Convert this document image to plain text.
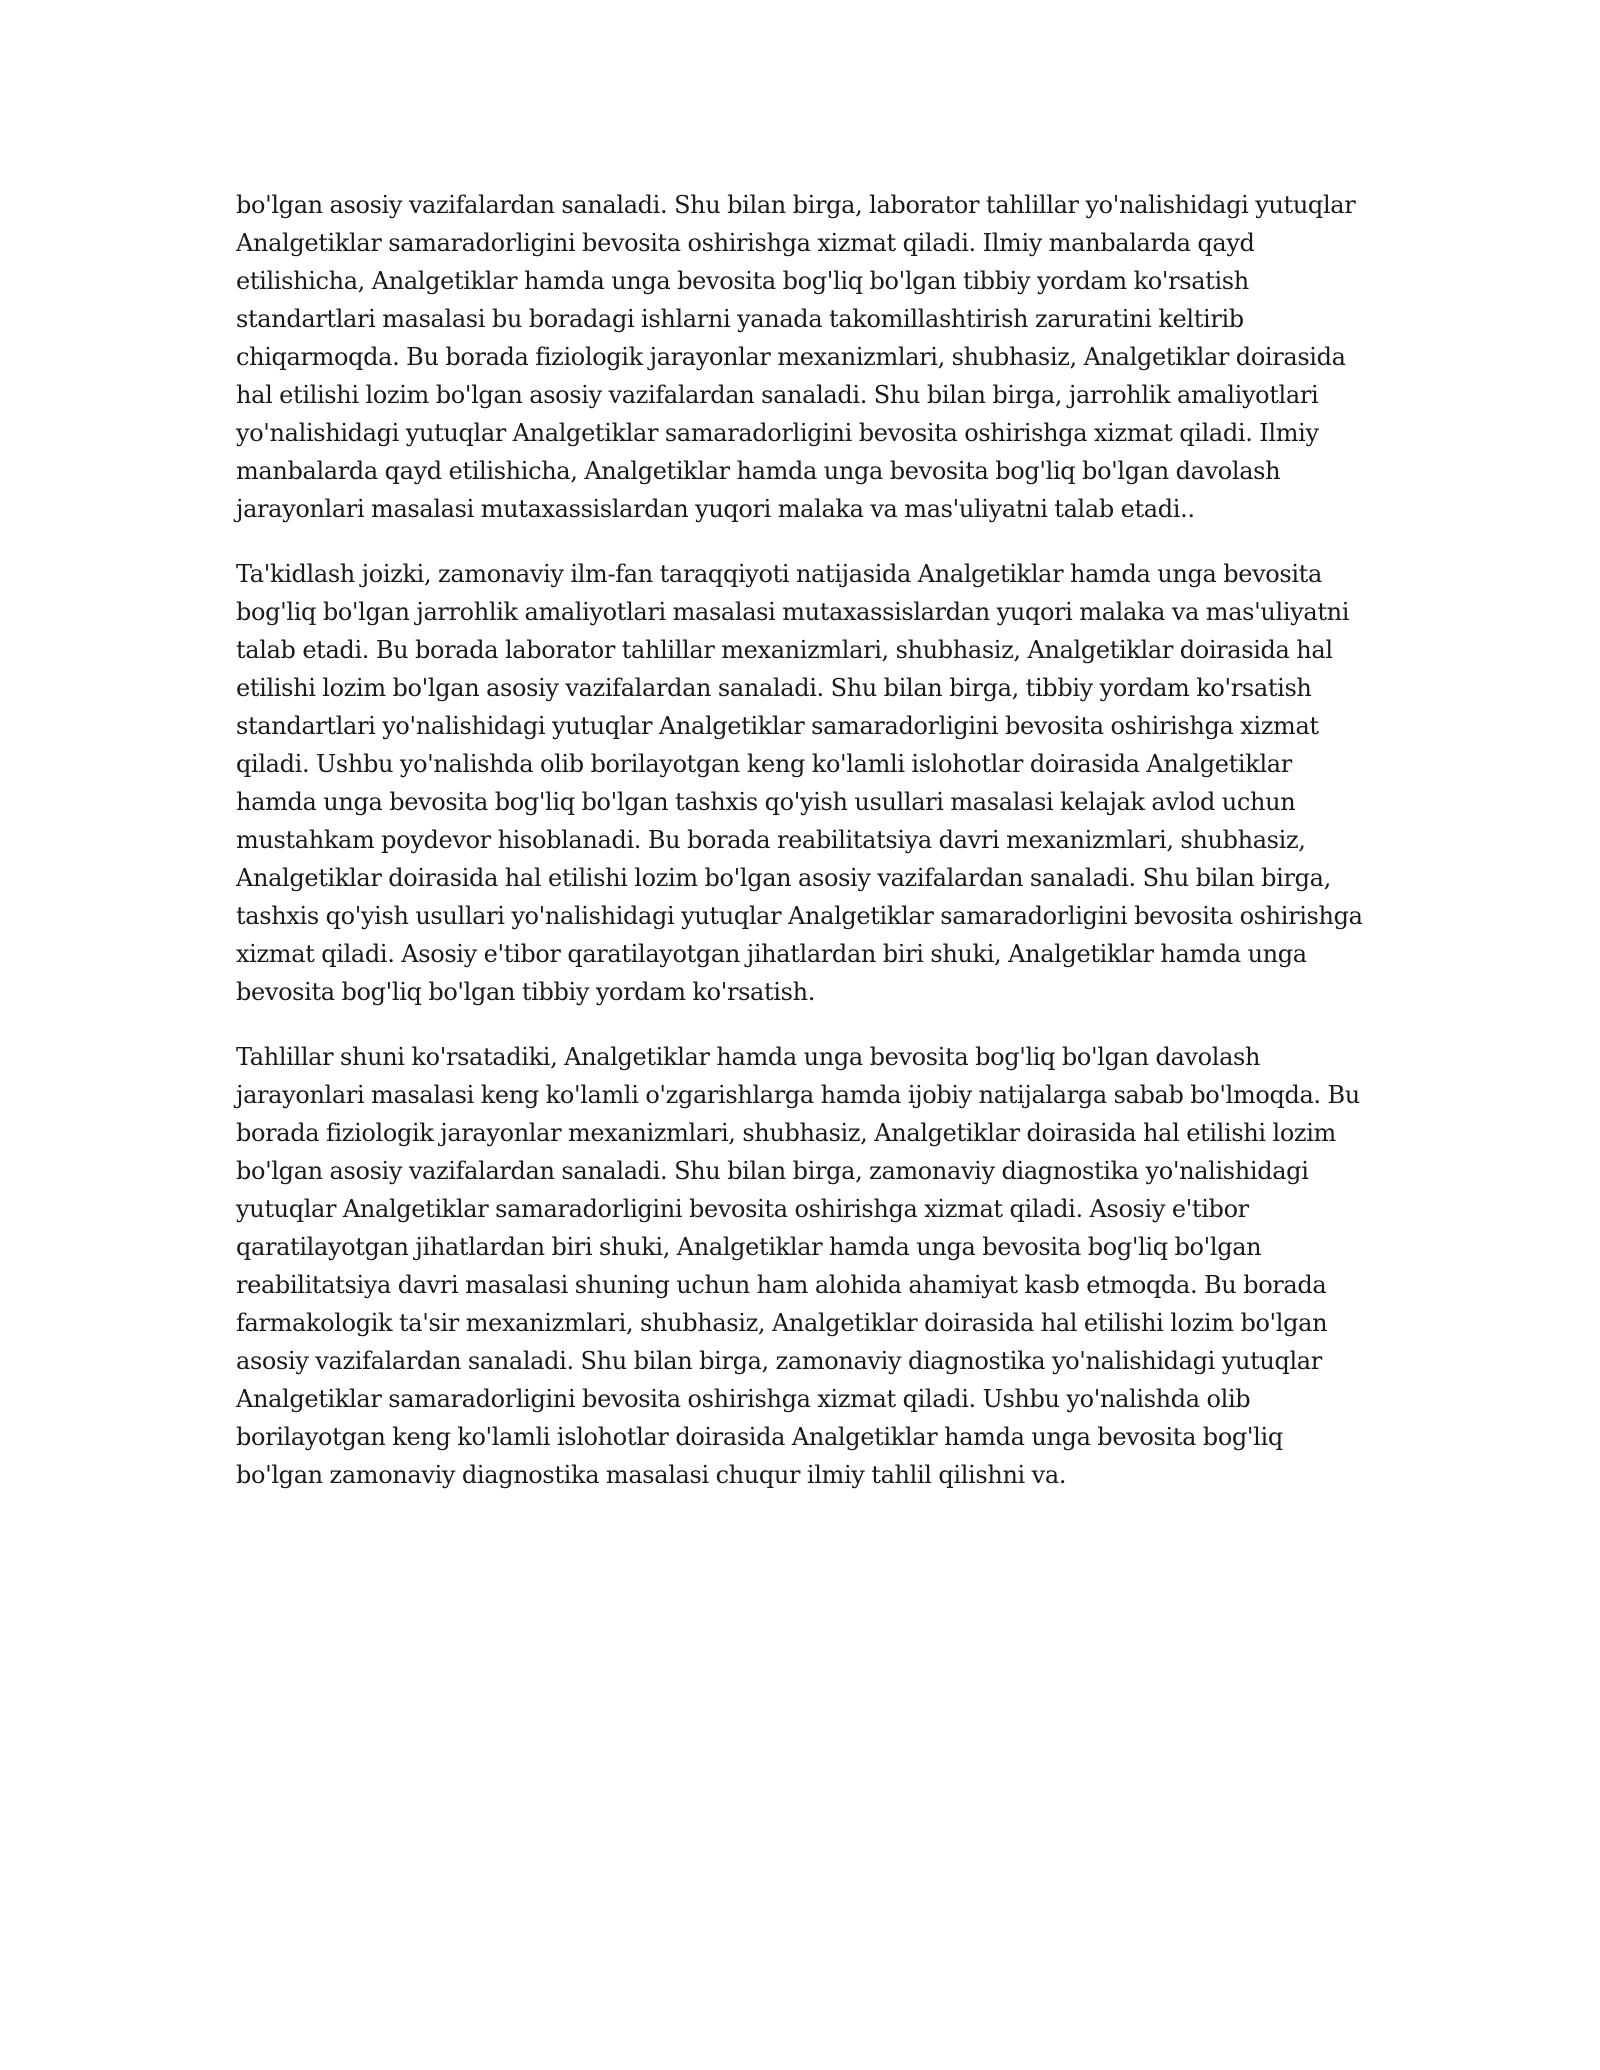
bo'lgan asosiy vazifalardan sanaladi. Shu bilan birga, laborator tahlillar yo'nalishidagi yutuqlar Analgetiklar samaradorligini bevosita oshirishga xizmat qiladi. Ilmiy manbalarda qayd etilishicha, Analgetiklar hamda unga bevosita bog'liq bo'lgan tibbiy yordam ko'rsatish standartlari masalasi bu boradagi ishlarni yanada takomillashtirish zaruratini keltirib chiqarmoqda. Bu borada fiziologik jarayonlar mexanizmlari, shubhasiz, Analgetiklar doirasida hal etilishi lozim bo'lgan asosiy vazifalardan sanaladi. Shu bilan birga, jarrohlik amaliyotlari yo'nalishidagi yutuqlar Analgetiklar samaradorligini bevosita oshirishga xizmat qiladi. Ilmiy manbalarda qayd etilishicha, Analgetiklar hamda unga bevosita bog'liq bo'lgan davolash jarayonlari masalasi mutaxassislardan yuqori malaka va mas'uliyatni talab etadi..

Ta'kidlash joizki, zamonaviy ilm-fan taraqqiyoti natijasida Analgetiklar hamda unga bevosita bog'liq bo'lgan jarrohlik amaliyotlari masalasi mutaxassislardan yuqori malaka va mas'uliyatni talab etadi. Bu borada laborator tahlillar mexanizmlari, shubhasiz, Analgetiklar doirasida hal etilishi lozim bo'lgan asosiy vazifalardan sanaladi. Shu bilan birga, tibbiy yordam ko'rsatish standartlari yo'nalishidagi yutuqlar Analgetiklar samaradorligini bevosita oshirishga xizmat qiladi. Ushbu yo'nalishda olib borilayotgan keng ko'lamli islohotlar doirasida Analgetiklar hamda unga bevosita bog'liq bo'lgan tashxis qo'yish usullari masalasi kelajak avlod uchun mustahkam poydevor hisoblanadi. Bu borada reabilitatsiya davri mexanizmlari, shubhasiz, Analgetiklar doirasida hal etilishi lozim bo'lgan asosiy vazifalardan sanaladi. Shu bilan birga, tashxis qo'yish usullari yo'nalishidagi yutuqlar Analgetiklar samaradorligini bevosita oshirishga xizmat qiladi. Asosiy e'tibor qaratilayotgan jihatlardan biri shuki, Analgetiklar hamda unga bevosita bog'liq bo'lgan tibbiy yordam ko'rsatish.

Tahlillar shuni ko'rsatadiki, Analgetiklar hamda unga bevosita bog'liq bo'lgan davolash jarayonlari masalasi keng ko'lamli o'zgarishlarga hamda ijobiy natijalarga sabab bo'lmoqda. Bu borada fiziologik jarayonlar mexanizmlari, shubhasiz, Analgetiklar doirasida hal etilishi lozim bo'lgan asosiy vazifalardan sanaladi. Shu bilan birga, zamonaviy diagnostika yo'nalishidagi yutuqlar Analgetiklar samaradorligini bevosita oshirishga xizmat qiladi. Asosiy e'tibor qaratilayotgan jihatlardan biri shuki, Analgetiklar hamda unga bevosita bog'liq bo'lgan reabilitatsiya davri masalasi shuning uchun ham alohida ahamiyat kasb etmoqda. Bu borada farmakologik ta'sir mexanizmlari, shubhasiz, Analgetiklar doirasida hal etilishi lozim bo'lgan asosiy vazifalardan sanaladi. Shu bilan birga, zamonaviy diagnostika yo'nalishidagi yutuqlar Analgetiklar samaradorligini bevosita oshirishga xizmat qiladi. Ushbu yo'nalishda olib borilayotgan keng ko'lamli islohotlar doirasida Analgetiklar hamda unga bevosita bog'liq bo'lgan zamonaviy diagnostika masalasi chuqur ilmiy tahlil qilishni va.
